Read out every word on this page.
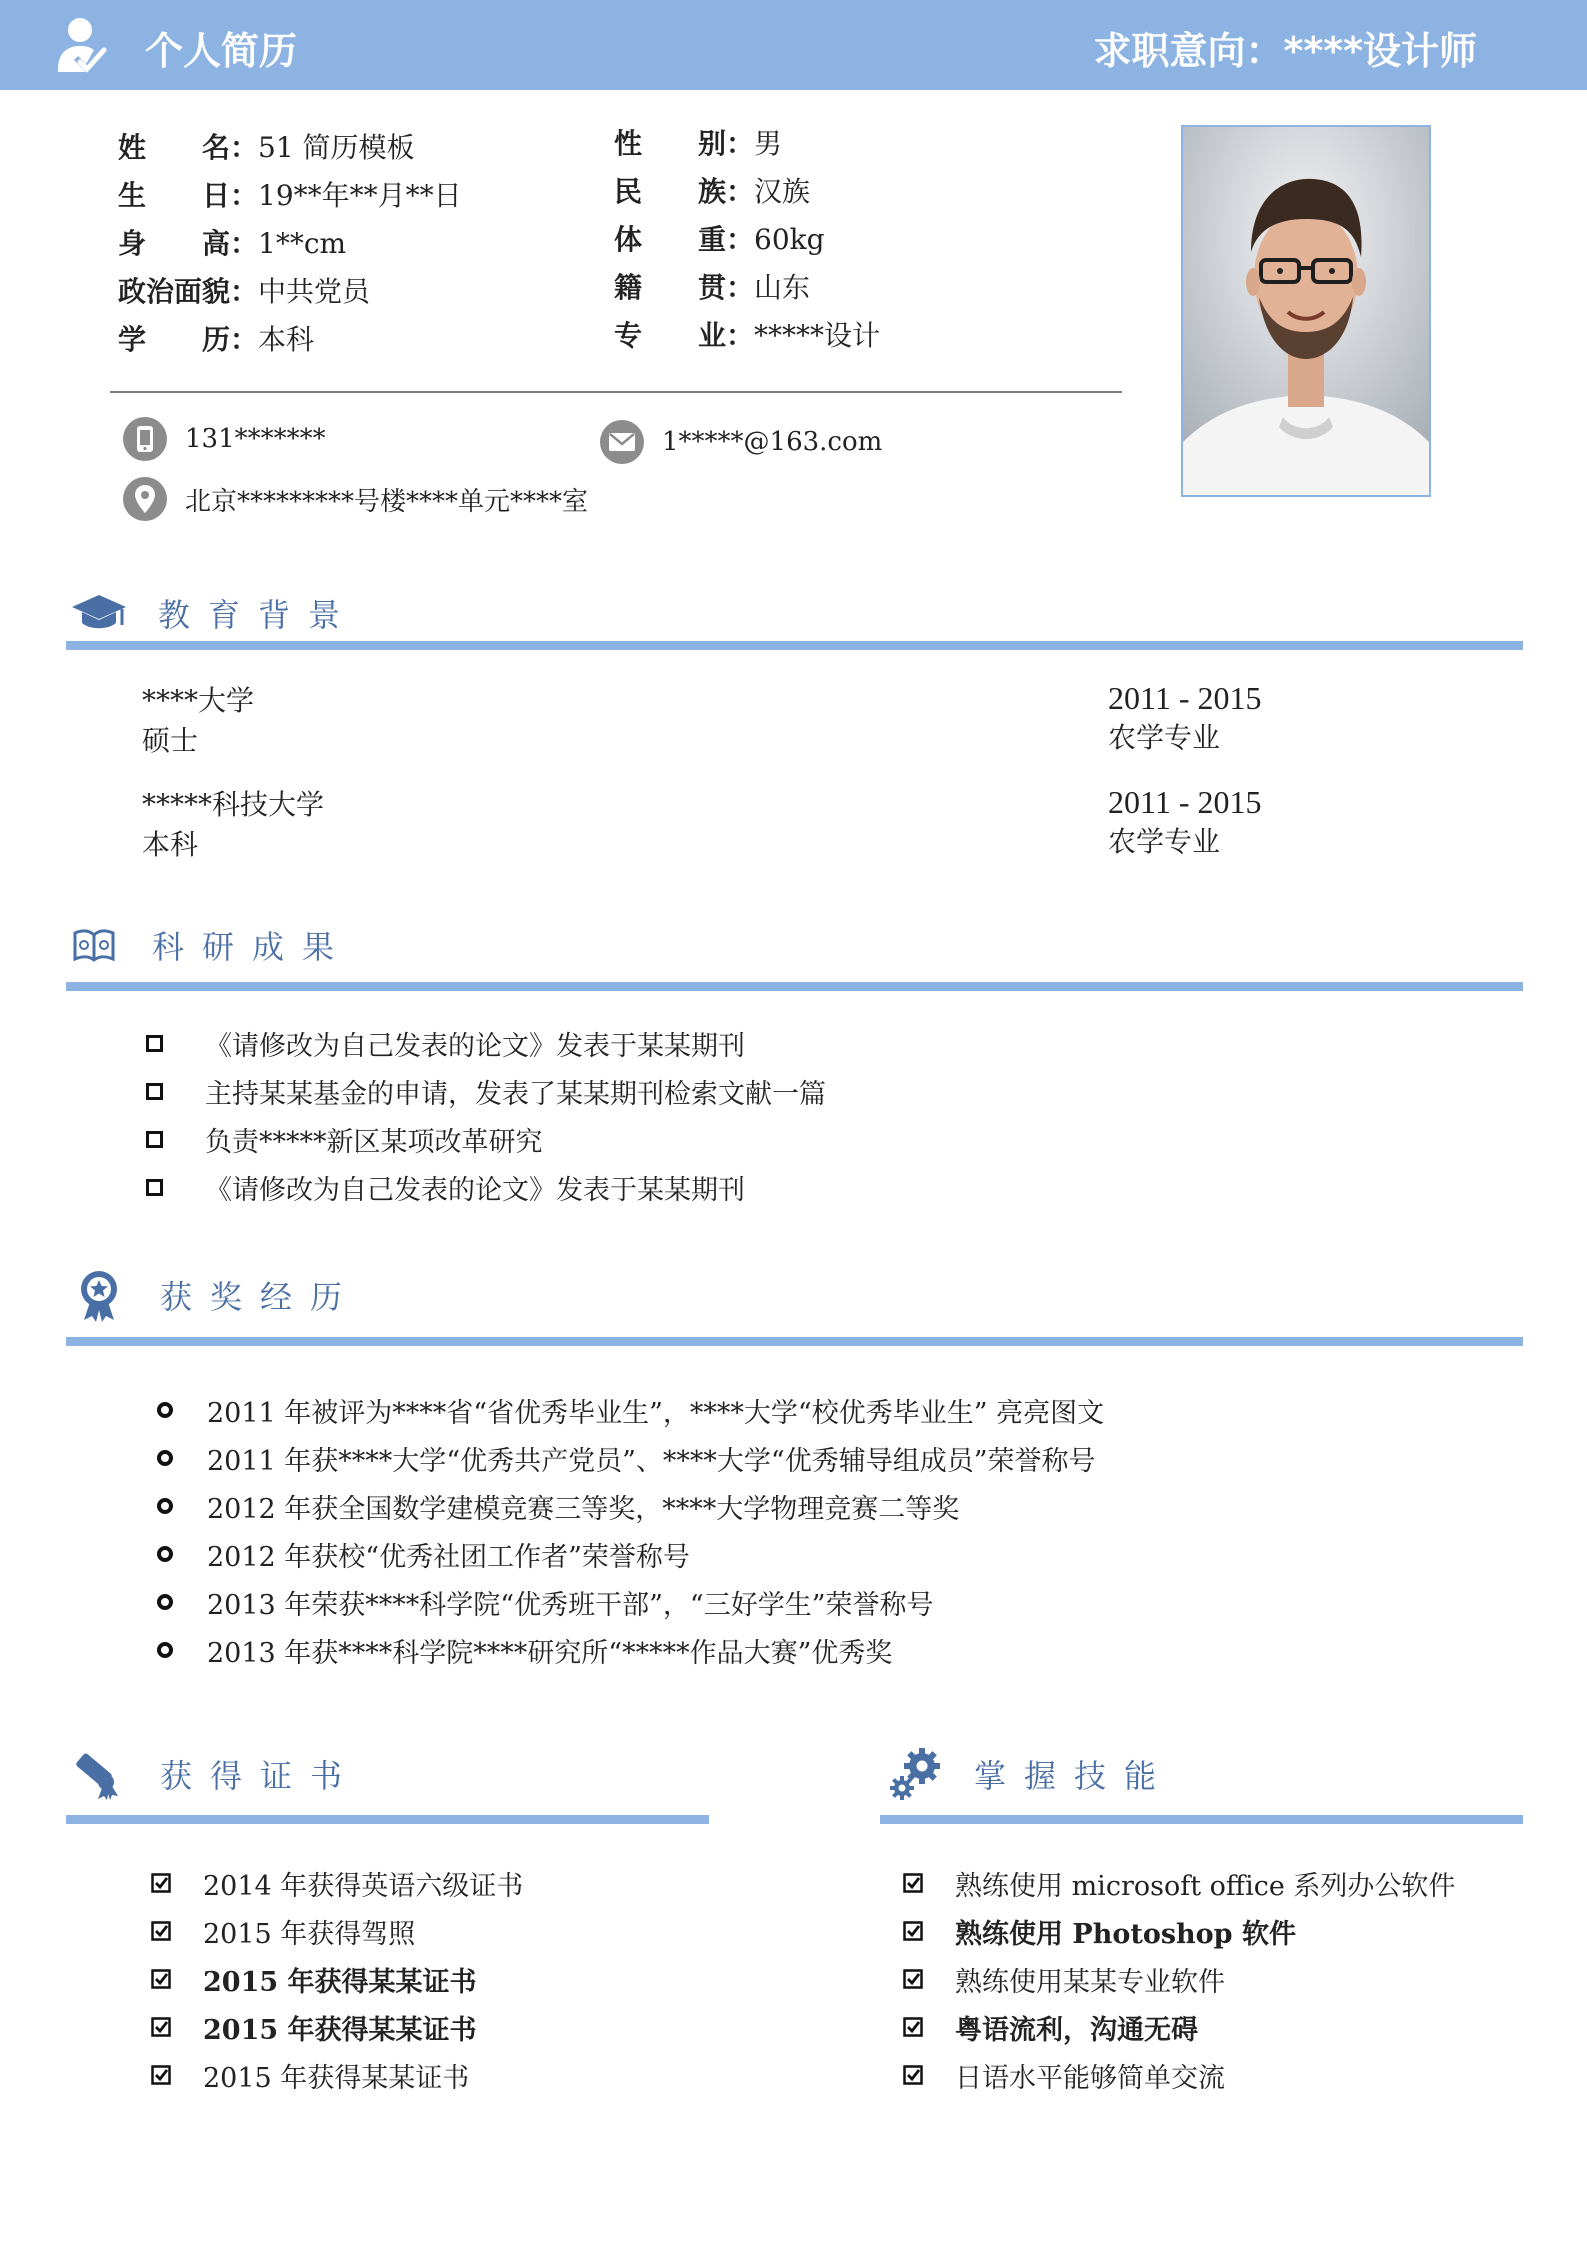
个人简历	求职意向：****设计师
姓　　名：51 简历模板
生　　日：19**年**月**日
身　　高：1**cm
政治面貌：中共党员
学　　历：本科
性　　别：男
民　　族：汉族
体　　重：60kg
籍　　贯：山东
专　　业：*****设计
131*******	1*****@163.com
北京*********号楼****单元****室
教育背景
****大学
硕士
2011 - 2015
农学专业
*****科技大学
本科
2011 - 2015
农学专业
科研成果
《请修改为自己发表的论文》发表于某某期刊
主持某某基金的申请，发表了某某期刊检索文献一篇
负责*****新区某项改革研究
《请修改为自己发表的论文》发表于某某期刊
获奖经历
2011 年被评为****省“省优秀毕业生”，****大学“校优秀毕业生” 亮亮图文
2011 年获****大学“优秀共产党员”、****大学“优秀辅导组成员”荣誉称号
2012 年获全国数学建模竞赛三等奖，****大学物理竞赛二等奖
2012 年获校“优秀社团工作者”荣誉称号
2013 年荣获****科学院“优秀班干部”，“三好学生”荣誉称号
2013 年获****科学院****研究所“*****作品大赛”优秀奖
获得证书
2014 年获得英语六级证书
2015 年获得驾照
2015 年获得某某证书
2015 年获得某某证书
2015 年获得某某证书
掌握技能
熟练使用 microsoft office 系列办公软件
熟练使用 Photoshop 软件
熟练使用某某专业软件
粤语流利，沟通无碍
日语水平能够简单交流
